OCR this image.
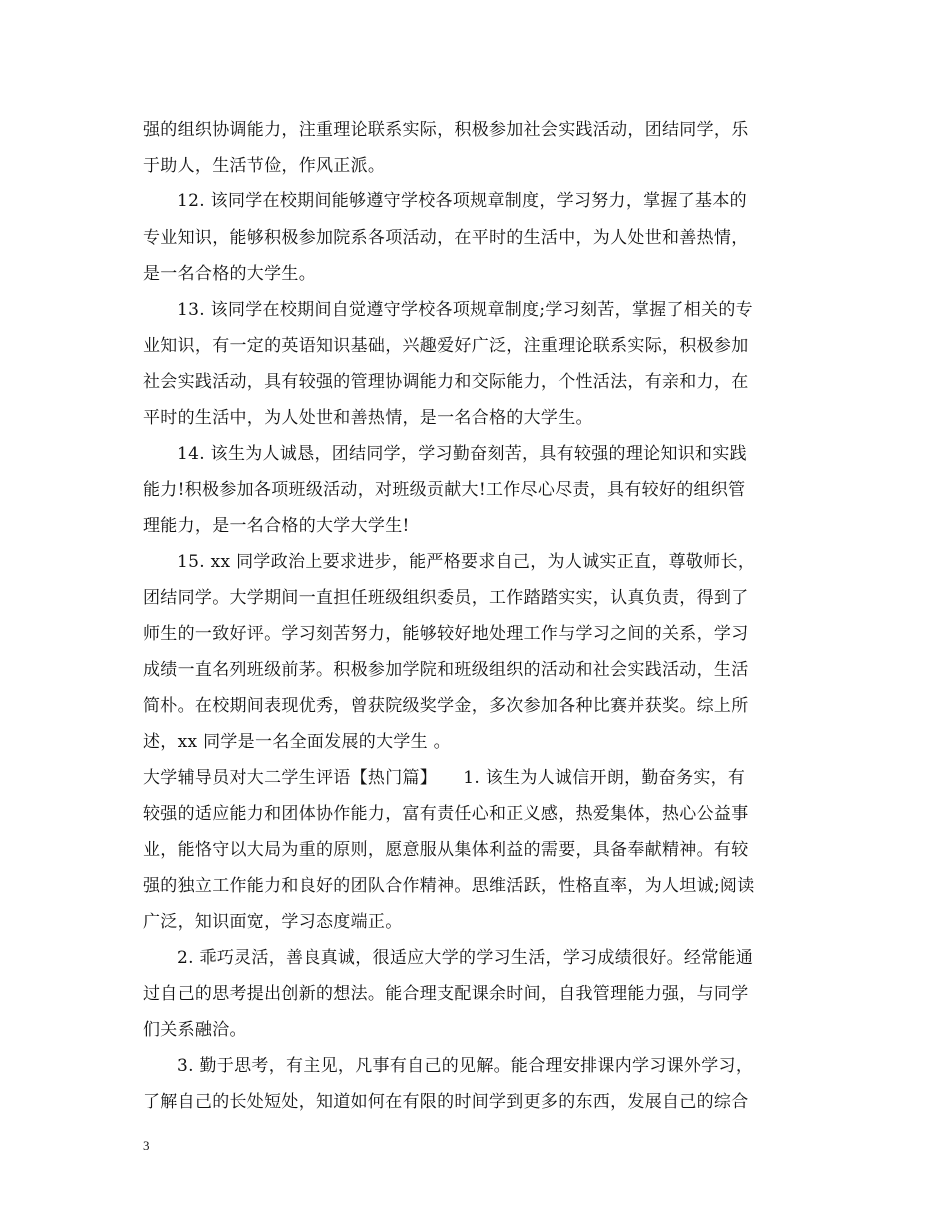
强的组织协调能力，注重理论联系实际，积极参加社会实践活动，团结同学，乐
于助人，生活节俭，作风正派。
12. 该同学在校期间能够遵守学校各项规章制度，学习努力，掌握了基本的
专业知识，能够积极参加院系各项活动，在平时的生活中，为人处世和善热情，
是一名合格的大学生。
13. 该同学在校期间自觉遵守学校各项规章制度;学习刻苦，掌握了相关的专
业知识，有一定的英语知识基础，兴趣爱好广泛，注重理论联系实际，积极参加
社会实践活动，具有较强的管理协调能力和交际能力，个性活法，有亲和力，在
平时的生活中，为人处世和善热情，是一名合格的大学生。
14. 该生为人诚恳，团结同学，学习勤奋刻苦，具有较强的理论知识和实践
能力!积极参加各项班级活动，对班级贡献大!工作尽心尽责，具有较好的组织管
理能力，是一名合格的大学大学生!
15. xx 同学政治上要求进步，能严格要求自己，为人诚实正直，尊敬师长，
团结同学。大学期间一直担任班级组织委员，工作踏踏实实，认真负责，得到了
师生的一致好评。学习刻苦努力，能够较好地处理工作与学习之间的关系，学习
成绩一直名列班级前茅。积极参加学院和班级组织的活动和社会实践活动，生活
简朴。在校期间表现优秀，曾获院级奖学金，多次参加各种比赛并获奖。综上所
述，xx 同学是一名全面发展的大学生 。
大学辅导员对大二学生评语【热门篇】　　1. 该生为人诚信开朗，勤奋务实，有
较强的适应能力和团体协作能力，富有责任心和正义感，热爱集体，热心公益事
业，能恪守以大局为重的原则，愿意服从集体利益的需要，具备奉献精神。有较
强的独立工作能力和良好的团队合作精神。思维活跃，性格直率，为人坦诚;阅读
广泛，知识面宽，学习态度端正。
2. 乖巧灵活，善良真诚，很适应大学的学习生活，学习成绩很好。经常能通
过自己的思考提出创新的想法。能合理支配课余时间，自我管理能力强，与同学
们关系融洽。
3. 勤于思考，有主见，凡事有自己的见解。能合理安排课内学习课外学习，
了解自己的长处短处，知道如何在有限的时间学到更多的东西，发展自己的综合
3
